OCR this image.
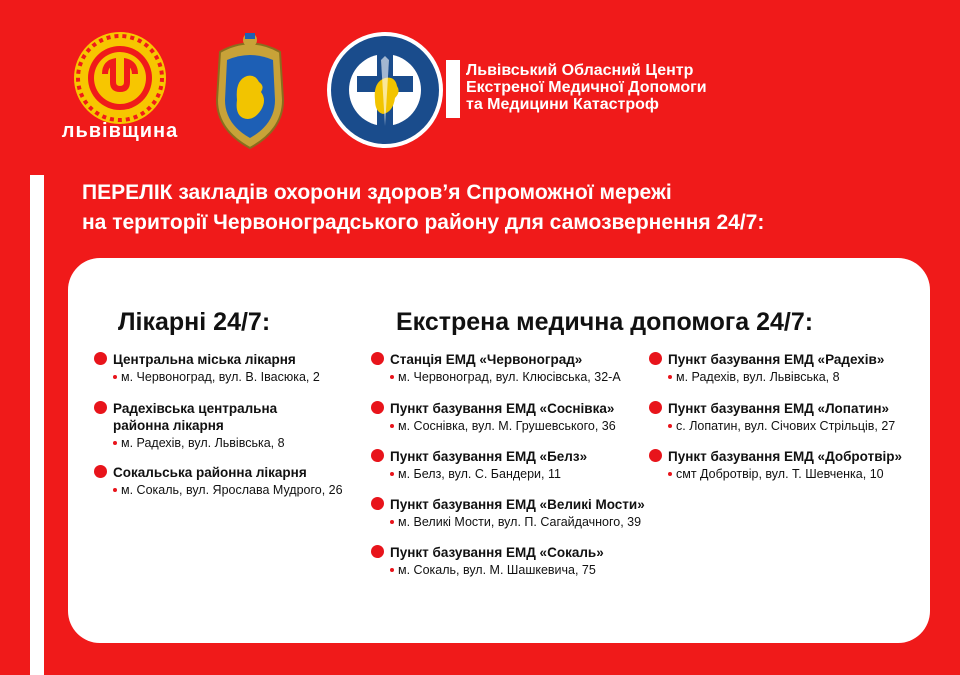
львівщина
Львівський Обласний Центр
Екстреної Медичної Допомоги
та Медицини Катастроф
ПЕРЕЛІК закладів охорони здоров’я Спроможної мережі
на території Червоноградського району для самозвернення 24/7:
Лікарні 24/7:	Екстрена медична допомога 24/7:
Центральна міська лікарня
м. Червоноград, вул. В. Івасюка, 2
Радехівська центральна районна лікарня
м. Радехів, вул. Львівська, 8
Сокальська районна лікарня
м. Сокаль, вул. Ярослава Мудрого, 26
Станція ЕМД «Червоноград»
м. Червоноград, вул. Клюсівська, 32-А
Пункт базування ЕМД «Соснівка»
м. Соснівка, вул. М. Грушевського, 36
Пункт базування ЕМД «Белз»
м. Белз, вул. С. Бандери, 11
Пункт базування ЕМД «Великі Мости»
м. Великі Мости, вул. П. Сагайдачного, 39
Пункт базування ЕМД «Сокаль»
м. Сокаль, вул. М. Шашкевича, 75
Пункт базування ЕМД «Радехів»
м. Радехів, вул. Львівська, 8
Пункт базування ЕМД «Лопатин»
с. Лопатин, вул. Січових Стрільців, 27
Пункт базування ЕМД «Добротвір»
смт Добротвір, вул. Т. Шевченка, 10
